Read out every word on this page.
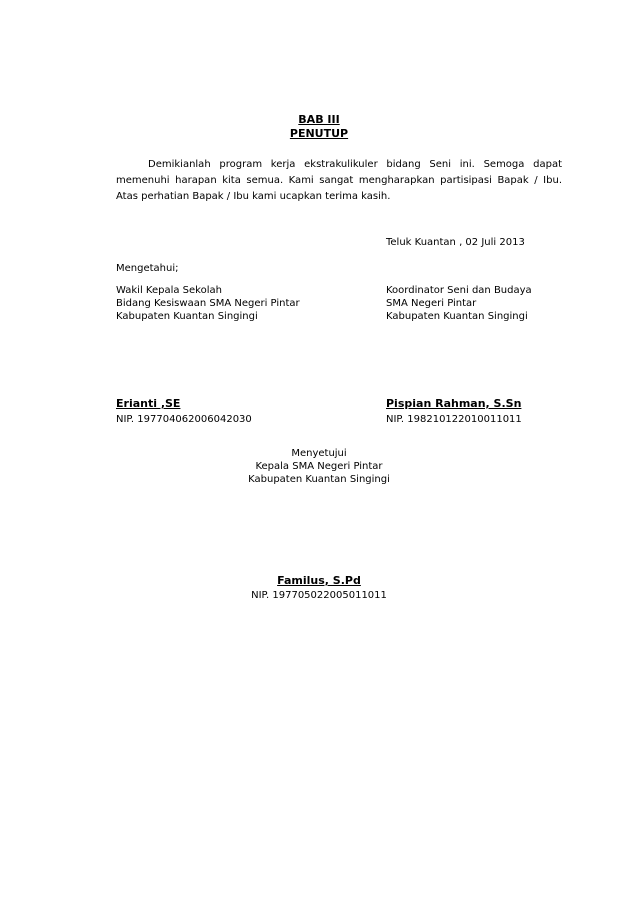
BAB III
PENUTUP

Demikianlah program kerja ekstrakulikuler bidang Seni ini. Semoga dapat memenuhi harapan kita semua. Kami sangat mengharapkan partisipasi Bapak / Ibu. Atas perhatian Bapak / Ibu kami ucapkan terima kasih.

Teluk Kuantan , 02 Juli 2013
Mengetahui;
Wakil Kepala Sekolah
Bidang Kesiswaan SMA Negeri Pintar
Kabupaten Kuantan Singingi
Erianti ,SE
NIP. 197704062006042030
Koordinator Seni dan Budaya
SMA Negeri Pintar
Kabupaten Kuantan Singingi
Pispian Rahman, S.Sn
NIP. 198210122010011011
Menyetujui
Kepala SMA Negeri Pintar
Kabupaten Kuantan Singingi
Familus, S.Pd
NIP. 197705022005011011
